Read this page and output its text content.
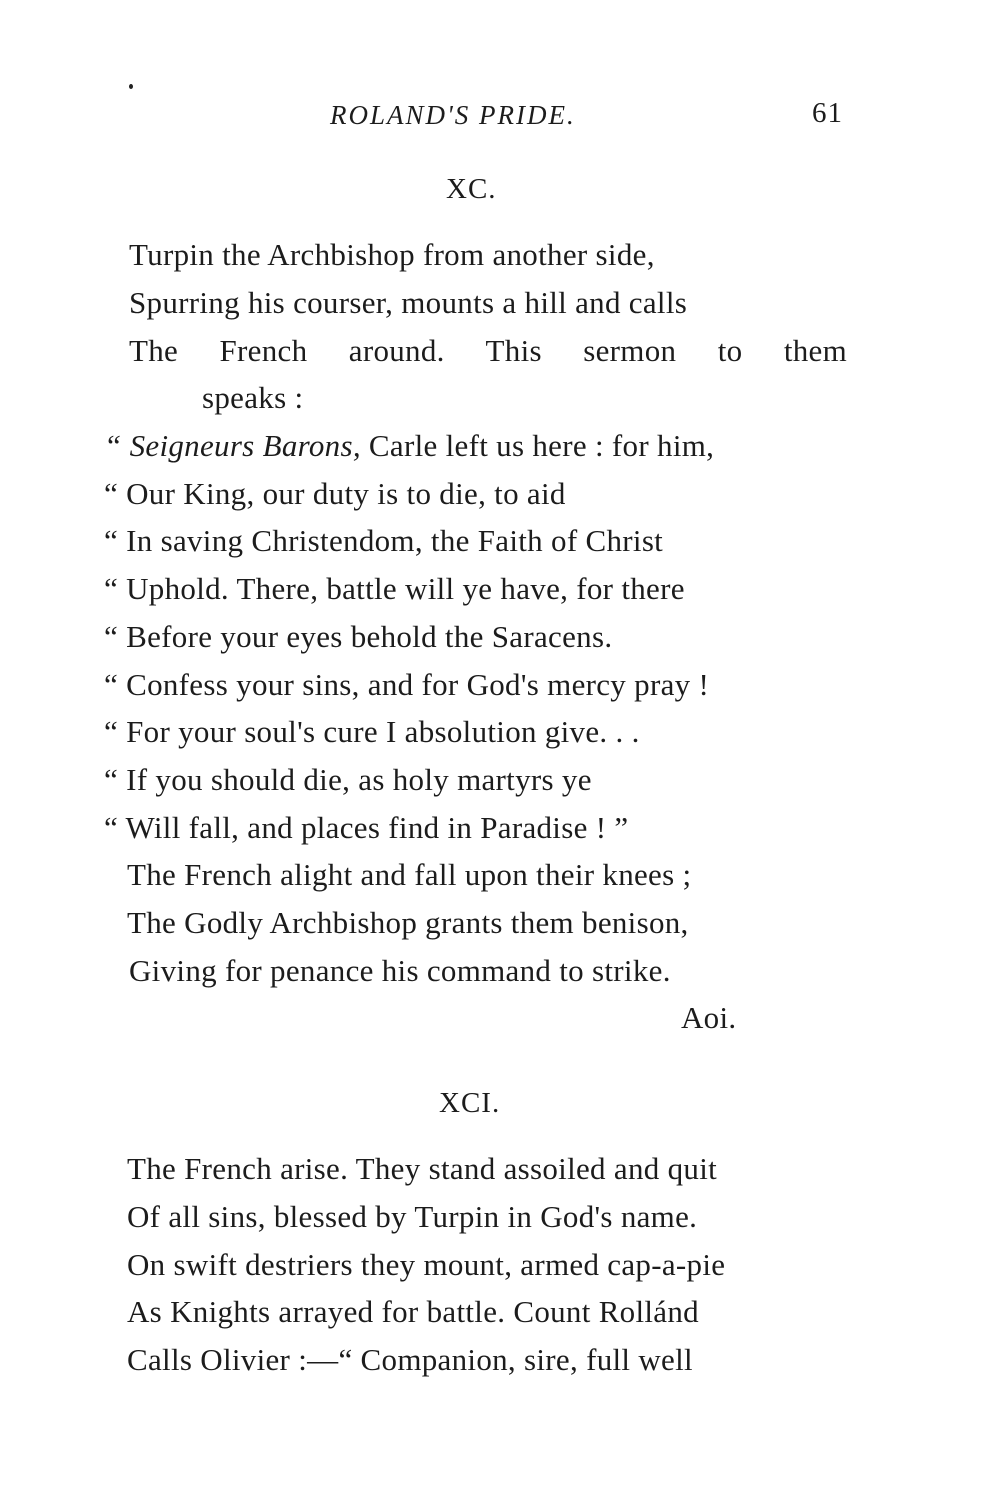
ROLAND'S PRIDE.	61
XC.
Turpin the Archbishop from another side,
Spurring his courser, mounts a hill and calls
The French around. This sermon to them
speaks :
“ Seigneurs Barons, Carle left us here : for him,
“ Our King, our duty is to die, to aid
“ In saving Christendom, the Faith of Christ
“ Uphold. There, battle will ye have, for there
“ Before your eyes behold the Saracens.
“ Confess your sins, and for God's mercy pray !
“ For your soul's cure I absolution give. . .
“ If you should die, as holy martyrs ye
“ Will fall, and places find in Paradise ! ”
The French alight and fall upon their knees ;
The Godly Archbishop grants them benison,
Giving for penance his command to strike.
Aoi.
XCI.
The French arise. They stand assoiled and quit
Of all sins, blessed by Turpin in God's name.
On swift destriers they mount, armed cap-a-pie
As Knights arrayed for battle. Count Rollánd
Calls Olivier :—“ Companion, sire, full well
